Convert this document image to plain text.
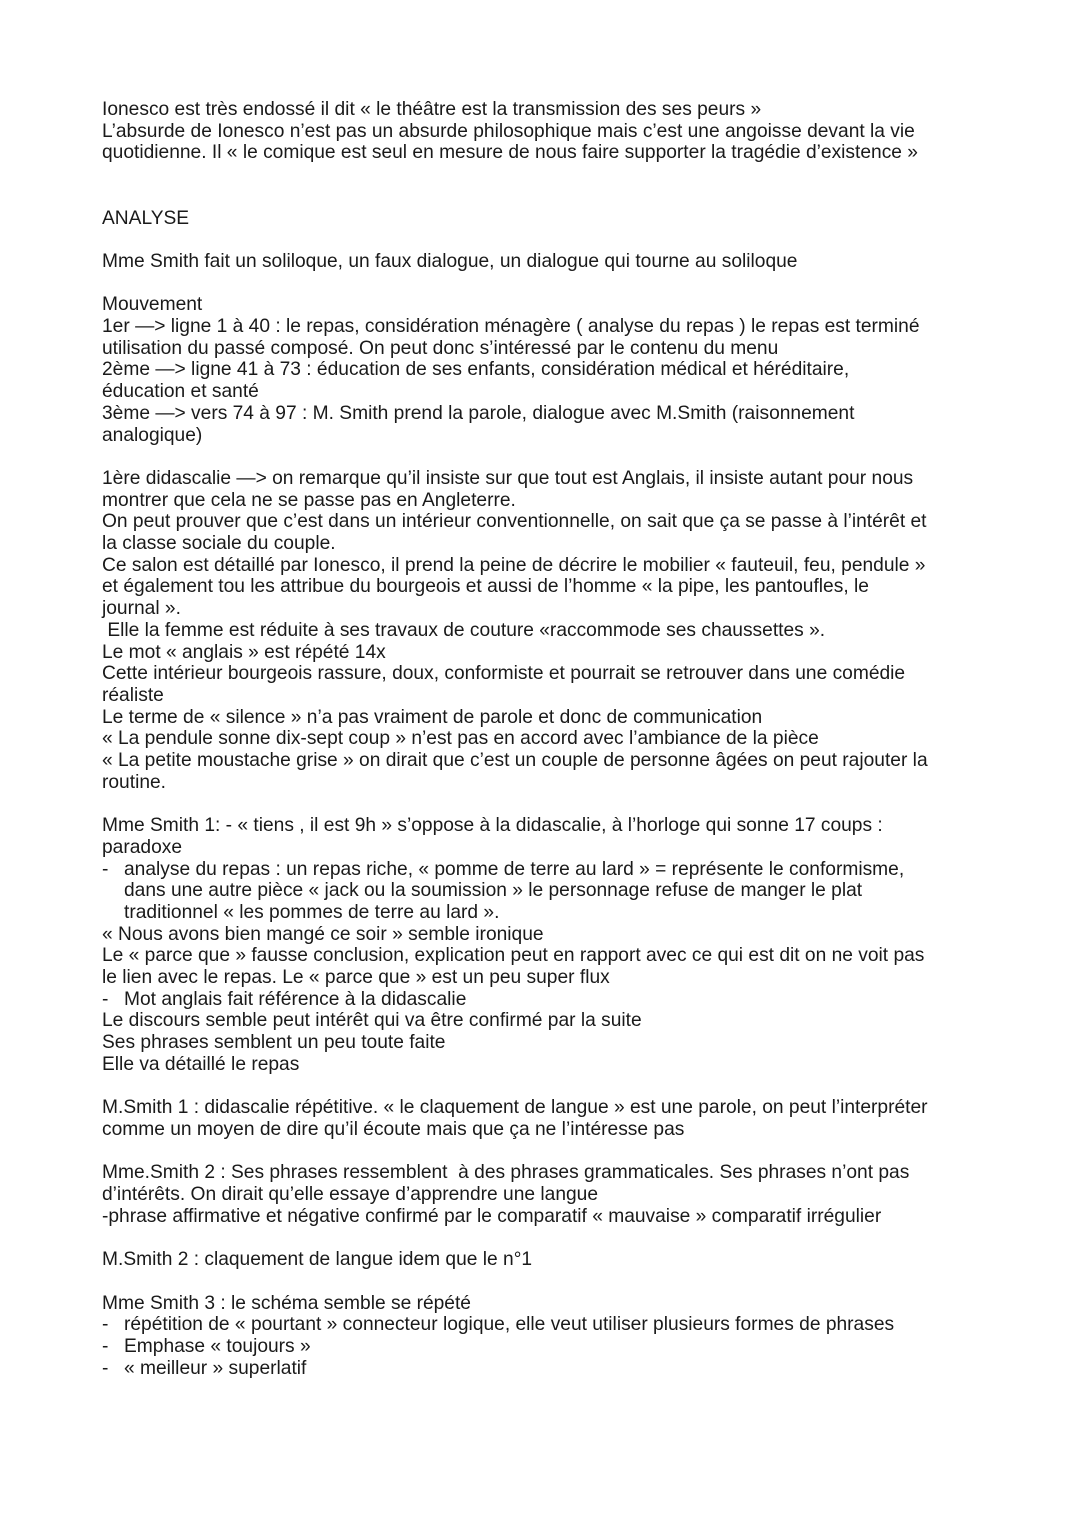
Ionesco est très endossé il dit « le théâtre est la transmission des ses peurs »
L’absurde de Ionesco n’est pas un absurde philosophique mais c’est une angoisse devant la vie
quotidienne. Il « le comique est seul en mesure de nous faire supporter la tragédie d’existence »
ANALYSE
Mme Smith fait un soliloque, un faux dialogue, un dialogue qui tourne au soliloque
Mouvement
1er —> ligne 1 à 40 : le repas, considération ménagère ( analyse du repas ) le repas est terminé
utilisation du passé composé. On peut donc s’intéressé par le contenu du menu
2ème —> ligne 41 à 73 : éducation de ses enfants, considération médical et héréditaire,
éducation et santé
3ème —> vers 74 à 97 : M. Smith prend la parole, dialogue avec M.Smith (raisonnement
analogique)
1ère didascalie —> on remarque qu’il insiste sur que tout est Anglais, il insiste autant pour nous
montrer que cela ne se passe pas en Angleterre.
On peut prouver que c’est dans un intérieur conventionnelle, on sait que ça se passe à l’intérêt et
la classe sociale du couple.
Ce salon est détaillé par Ionesco, il prend la peine de décrire le mobilier « fauteuil, feu, pendule »
et également tou les attribue du bourgeois et aussi de l’homme « la pipe, les pantoufles, le
journal ».
Elle la femme est réduite à ses travaux de couture «raccommode ses chaussettes ».
Le mot « anglais » est répété 14x
Cette intérieur bourgeois rassure, doux, conformiste et pourrait se retrouver dans une comédie
réaliste
Le terme de « silence » n’a pas vraiment de parole et donc de communication
« La pendule sonne dix-sept coup » n’est pas en accord avec l’ambiance de la pièce
« La petite moustache grise » on dirait que c’est un couple de personne âgées on peut rajouter la
routine.
Mme Smith 1: - « tiens , il est 9h » s’oppose à la didascalie, à l’horloge qui sonne 17 coups :
paradoxe
- analyse du repas : un repas riche, « pomme de terre au lard » = représente le conformisme,
dans une autre pièce « jack ou la soumission » le personnage refuse de manger le plat
traditionnel « les pommes de terre au lard ».
« Nous avons bien mangé ce soir » semble ironique
Le « parce que » fausse conclusion, explication peut en rapport avec ce qui est dit on ne voit pas
le lien avec le repas. Le « parce que » est un peu super flux
- Mot anglais fait référence à la didascalie
Le discours semble peut intérêt qui va être confirmé par la suite
Ses phrases semblent un peu toute faite
Elle va détaillé le repas
M.Smith 1 : didascalie répétitive. « le claquement de langue » est une parole, on peut l’interpréter
comme un moyen de dire qu’il écoute mais que ça ne l’intéresse pas
Mme.Smith 2 : Ses phrases ressemblent  à des phrases grammaticales. Ses phrases n’ont pas
d’intérêts. On dirait qu’elle essaye d’apprendre une langue
-phrase affirmative et négative confirmé par le comparatif « mauvaise » comparatif irrégulier
M.Smith 2 : claquement de langue idem que le n°1
Mme Smith 3 : le schéma semble se répété
- répétition de « pourtant » connecteur logique, elle veut utiliser plusieurs formes de phrases
- Emphase « toujours »
- « meilleur » superlatif
